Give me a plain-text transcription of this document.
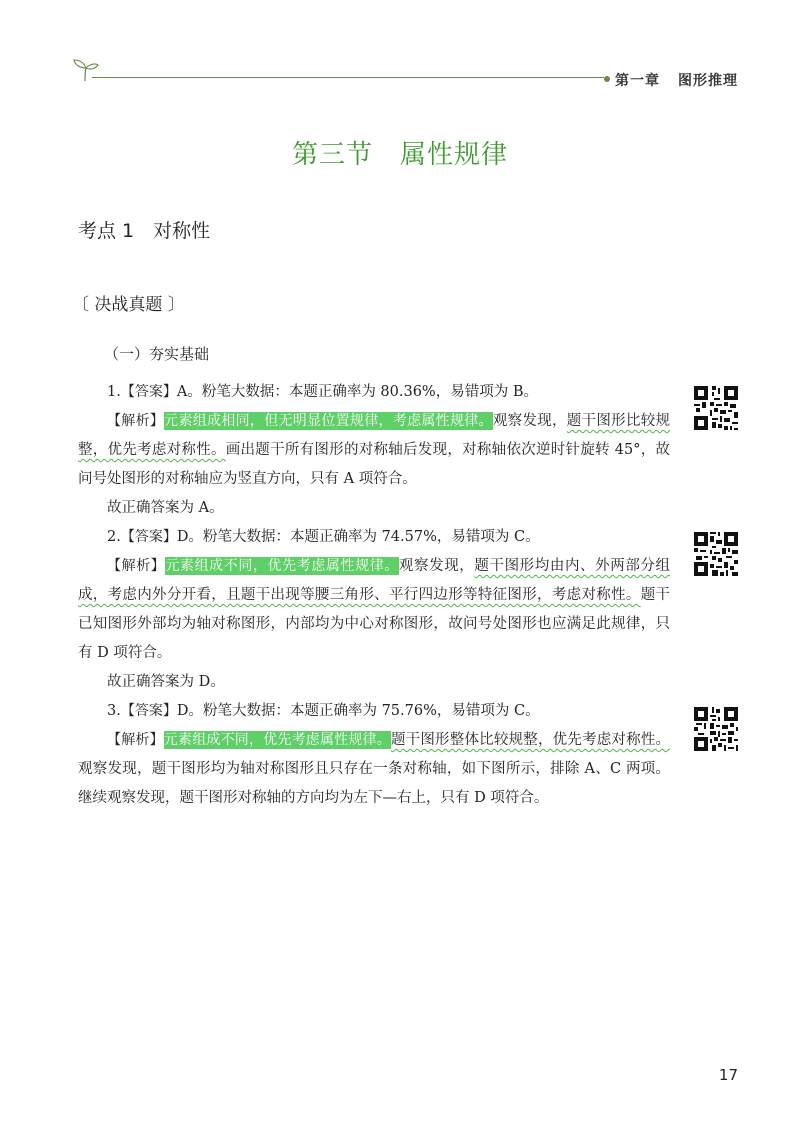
第一章 图形推理
第三节　属性规律
考点 1　对称性
〔 决战真题 〕
（一）夯实基础

1.【答案】A。粉笔大数据：本题正确率为 80.36%，易错项为 B。

【解析】元素组成相同，但无明显位置规律，考虑属性规律。观察发现，题干图形比较规整，优先考虑对称性。画出题干所有图形的对称轴后发现，对称轴依次逆时针旋转 45°，故问号处图形的对称轴应为竖直方向，只有 A 项符合。

故正确答案为 A。

2.【答案】D。粉笔大数据：本题正确率为 74.57%，易错项为 C。

【解析】元素组成不同，优先考虑属性规律。观察发现，题干图形均由内、外两部分组成，考虑内外分开看，且题干出现等腰三角形、平行四边形等特征图形，考虑对称性。题干已知图形外部均为轴对称图形，内部均为中心对称图形，故问号处图形也应满足此规律，只有 D 项符合。

故正确答案为 D。

3.【答案】D。粉笔大数据：本题正确率为 75.76%，易错项为 C。

【解析】元素组成不同，优先考虑属性规律。题干图形整体比较规整，优先考虑对称性。观察发现，题干图形均为轴对称图形且只存在一条对称轴，如下图所示，排除 A、C 两项。继续观察发现，题干图形对称轴的方向均为左下—右上，只有 D 项符合。

17
